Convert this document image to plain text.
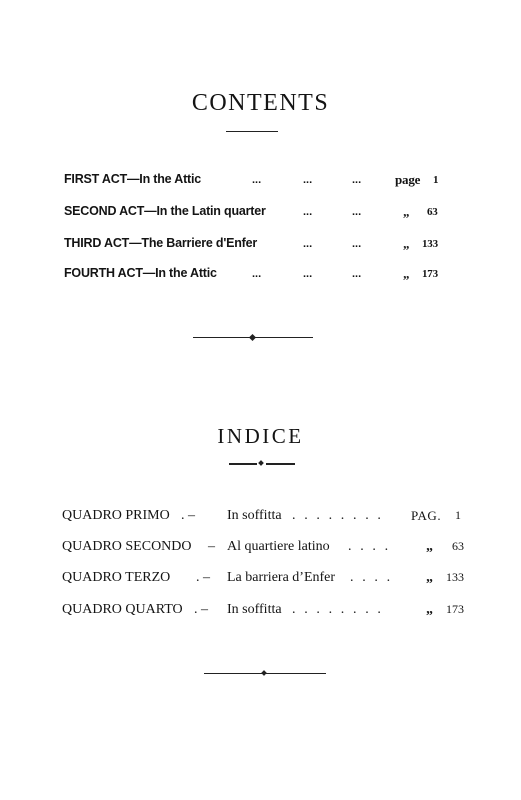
CONTENTS
FIRST ACT—In the Attic	...	...	...	page 1
SECOND ACT—In the Latin quarter	...	...	„ 63
THIRD ACT—The Barriere d'Enfer	...	...	„ 133
FOURTH ACT—In the Attic	...	...	...	„ 173
INDICE
QUADRO PRIMO . – In soffitta . . . . . . . . PAG. 1
QUADRO SECONDO – Al quartiere latino . . . .	„ 63
QUADRO TERZO . – La barriera d’Enfer . . . . „ 133
QUADRO QUARTO . – In soffitta . . . . . . . .	„ 173
